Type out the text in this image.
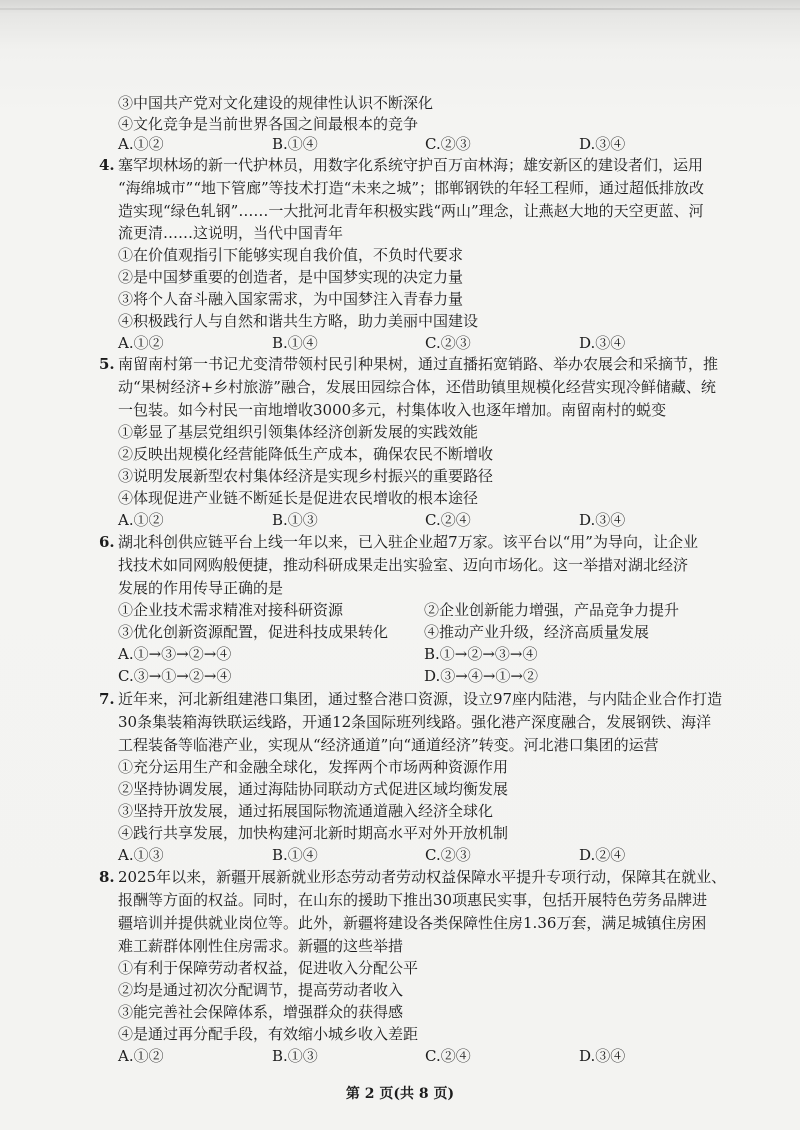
③中国共产党对文化建设的规律性认识不断深化
④文化竞争是当前世界各国之间最根本的竞争
A.①②	B.①④	C.②③	D.③④
4. 塞罕坝林场的新一代护林员，用数字化系统守护百万亩林海；雄安新区的建设者们，运用
“海绵城市”“地下管廊”等技术打造“未来之城”；邯郸钢铁的年轻工程师，通过超低排放改
造实现“绿色轧钢”……一大批河北青年积极实践“两山”理念，让燕赵大地的天空更蓝、河
流更清……这说明，当代中国青年
①在价值观指引下能够实现自我价值，不负时代要求
②是中国梦重要的创造者，是中国梦实现的决定力量
③将个人奋斗融入国家需求，为中国梦注入青春力量
④积极践行人与自然和谐共生方略，助力美丽中国建设
A.①②	B.①④	C.②③	D.③④
5. 南留南村第一书记尤变清带领村民引种果树，通过直播拓宽销路、举办农展会和采摘节，推
动“果树经济+乡村旅游”融合，发展田园综合体，还借助镇里规模化经营实现冷鲜储藏、统
一包装。如今村民一亩地增收3000多元，村集体收入也逐年增加。南留南村的蜕变
①彰显了基层党组织引领集体经济创新发展的实践效能
②反映出规模化经营能降低生产成本，确保农民不断增收
③说明发展新型农村集体经济是实现乡村振兴的重要路径
④体现促进产业链不断延长是促进农民增收的根本途径
A.①②	B.①③	C.②④	D.③④
6. 湖北科创供应链平台上线一年以来，已入驻企业超7万家。该平台以“用”为导向，让企业
找技术如同网购般便捷，推动科研成果走出实验室、迈向市场化。这一举措对湖北经济
发展的作用传导正确的是
①企业技术需求精准对接科研资源	②企业创新能力增强，产品竞争力提升
③优化创新资源配置，促进科技成果转化 ④推动产业升级，经济高质量发展
A.①→③→②→④	B.①→②→③→④
C.③→①→②→④	D.③→④→①→②
7. 近年来，河北新组建港口集团，通过整合港口资源，设立97座内陆港，与内陆企业合作打造
30条集装箱海铁联运线路，开通12条国际班列线路。强化港产深度融合，发展钢铁、海洋
工程装备等临港产业，实现从“经济通道”向“通道经济”转变。河北港口集团的运营
①充分运用生产和金融全球化，发挥两个市场两种资源作用
②坚持协调发展，通过海陆协同联动方式促进区域均衡发展
③坚持开放发展，通过拓展国际物流通道融入经济全球化
④践行共享发展，加快构建河北新时期高水平对外开放机制
A.①③	B.①④	C.②③	D.②④
8. 2025年以来，新疆开展新就业形态劳动者劳动权益保障水平提升专项行动，保障其在就业、
报酬等方面的权益。同时，在山东的援助下推出30项惠民实事，包括开展特色劳务品牌进
疆培训并提供就业岗位等。此外，新疆将建设各类保障性住房1.36万套，满足城镇住房困
难工薪群体刚性住房需求。新疆的这些举措
①有利于保障劳动者权益，促进收入分配公平
②均是通过初次分配调节，提高劳动者收入
③能完善社会保障体系，增强群众的获得感
④是通过再分配手段，有效缩小城乡收入差距
A.①②	B.①③	C.②④	D.③④
第 2 页(共 8 页)
